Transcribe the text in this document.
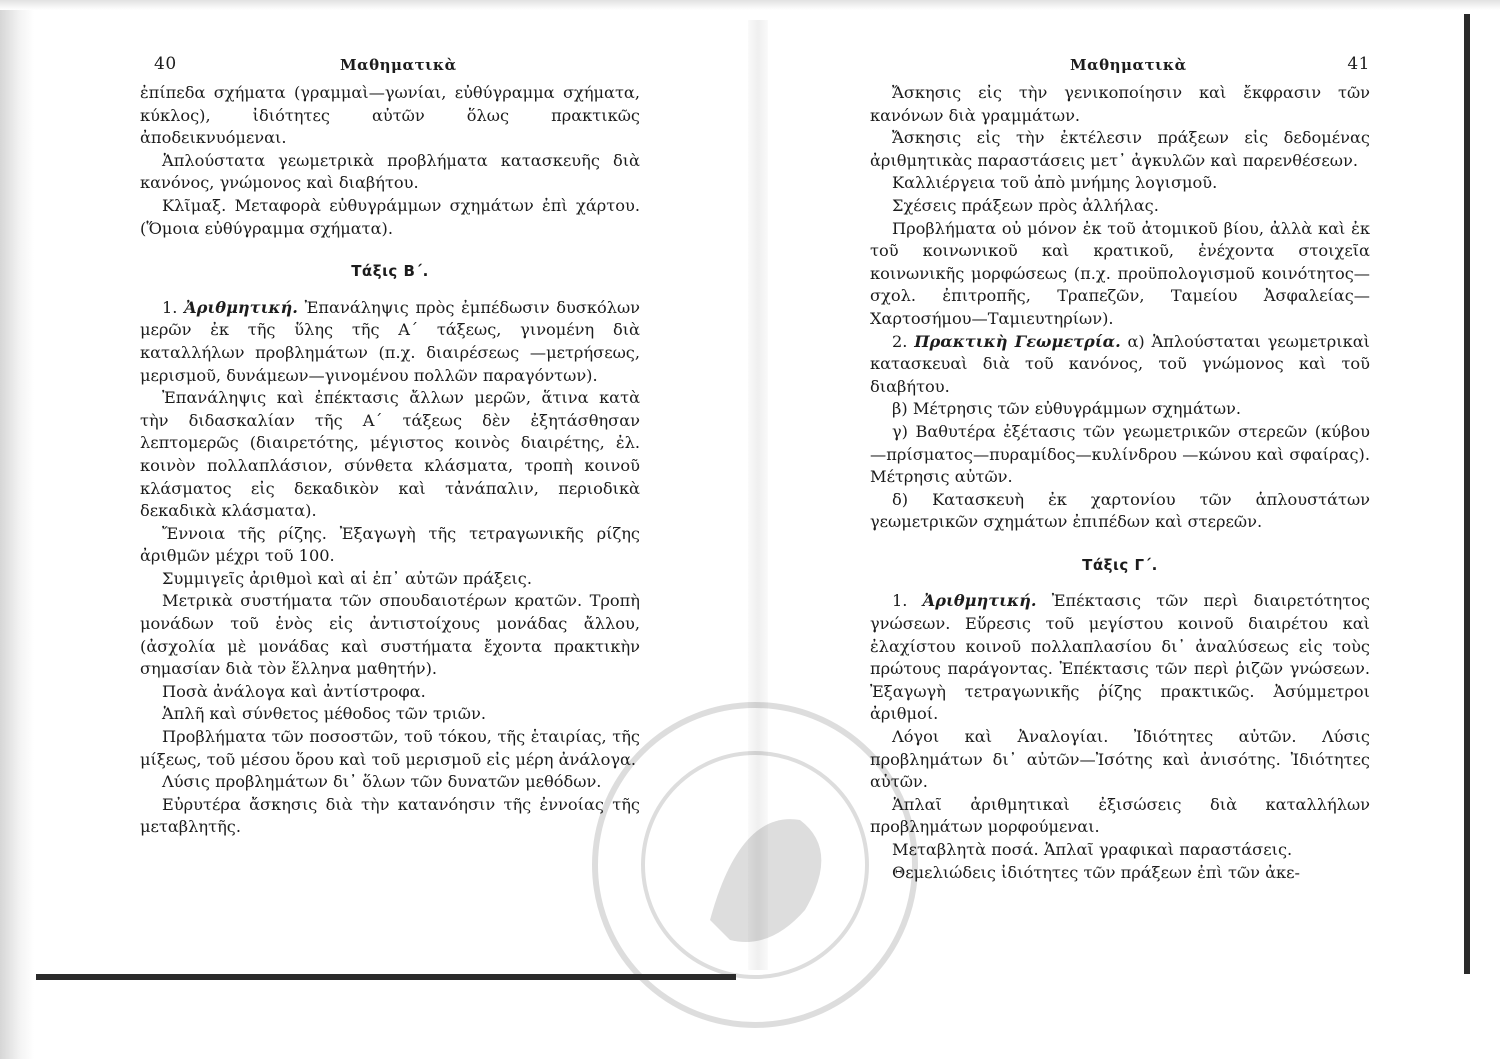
40	Μαθηματικὰ

ἐπίπεδα σχήματα (γραμμαὶ—γωνίαι, εὐθύγραμμα σχήματα, κύκλος), ἰδιότητες αὐτῶν ὅλως πρακτικῶς ἀποδεικνυόμεναι.

Ἁπλούστατα γεωμετρικὰ προβλήματα κατασκευῆς διὰ κανόνος, γνώμονος καὶ διαβήτου.

Κλῖμαξ. Μεταφορὰ εὐθυγράμμων σχημάτων ἐπὶ χάρτου. (Ὅμοια εὐθύγραμμα σχήματα).

Τάξις Β΄.

1. Ἀριθμητική. Ἐπανάληψις πρὸς ἐμπέδωσιν δυσκόλων μερῶν ἐκ τῆς ὕλης τῆς Α΄ τάξεως, γινομένη διὰ καταλλήλων προβλημάτων (π.χ. διαιρέσεως —μετρήσεως, μερισμοῦ, δυνάμεων—γινομένου πολλῶν παραγόντων).

Ἐπανάληψις καὶ ἐπέκτασις ἄλλων μερῶν, ἅτινα κατὰ τὴν διδασκαλίαν τῆς Α΄ τάξεως δὲν ἐξητάσθησαν λεπτομερῶς (διαιρετότης, μέγιστος κοινὸς διαιρέτης, ἐλ. κοινὸν πολλαπλάσιον, σύνθετα κλάσματα, τροπὴ κοινοῦ κλάσματος εἰς δεκαδικὸν καὶ τἀνάπαλιν, περιοδικὰ δεκαδικὰ κλάσματα).

Ἔννοια τῆς ρίζης. Ἐξαγωγὴ τῆς τετραγωνικῆς ρίζης ἀριθμῶν μέχρι τοῦ 100.

Συμμιγεῖς ἀριθμοὶ καὶ αἱ ἐπ᾽ αὐτῶν πράξεις.

Μετρικὰ συστήματα τῶν σπουδαιοτέρων κρατῶν. Τροπὴ μονάδων τοῦ ἑνὸς εἰς ἀντιστοίχους μονάδας ἄλλου, (ἀσχολία μὲ μονάδας καὶ συστήματα ἔχοντα πρακτικὴν σημασίαν διὰ τὸν ἕλληνα μαθητήν).

Ποσὰ ἀνάλογα καὶ ἀντίστροφα.

Ἁπλῆ καὶ σύνθετος μέθοδος τῶν τριῶν.

Προβλήματα τῶν ποσοστῶν, τοῦ τόκου, τῆς ἑταιρίας, τῆς μίξεως, τοῦ μέσου ὅρου καὶ τοῦ μερισμοῦ εἰς μέρη ἀνάλογα.

Λύσις προβλημάτων δι᾽ ὅλων τῶν δυνατῶν μεθόδων.

Εὐρυτέρα ἄσκησις διὰ τὴν κατανόησιν τῆς ἐννοίας τῆς μεταβλητῆς.

Μαθηματικὰ	41

Ἄσκησις εἰς τὴν γενικοποίησιν καὶ ἔκφρασιν τῶν κανόνων διὰ γραμμάτων.

Ἄσκησις εἰς τὴν ἐκτέλεσιν πράξεων εἰς δεδομένας ἀριθμητικὰς παραστάσεις μετ᾽ ἀγκυλῶν καὶ παρενθέσεων.

Καλλιέργεια τοῦ ἀπὸ μνήμης λογισμοῦ.

Σχέσεις πράξεων πρὸς ἀλλήλας.

Προβλήματα οὐ μόνον ἐκ τοῦ ἀτομικοῦ βίου, ἀλλὰ καὶ ἐκ τοῦ κοινωνικοῦ καὶ κρατικοῦ, ἐνέχοντα στοιχεῖα κοινωνικῆς μορφώσεως (π.χ. προϋπολογισμοῦ κοινότητος—σχολ. ἐπιτροπῆς, Τραπεζῶν, Ταμείου Ἀσφαλείας—Χαρτοσήμου—Ταμιευτηρίων).

2. Πρακτικὴ Γεωμετρία. α) Ἁπλούσταται γεωμετρικαὶ κατασκευαὶ διὰ τοῦ κανόνος, τοῦ γνώμονος καὶ τοῦ διαβήτου.

β) Μέτρησις τῶν εὐθυγράμμων σχημάτων.

γ) Βαθυτέρα ἐξέτασις τῶν γεωμετρικῶν στερεῶν (κύβου—πρίσματος—πυραμίδος—κυλίνδρου —κώνου καὶ σφαίρας). Μέτρησις αὐτῶν.

δ) Κατασκευὴ ἐκ χαρτονίου τῶν ἁπλουστάτων γεωμετρικῶν σχημάτων ἐπιπέδων καὶ στερεῶν.

Τάξις Γ΄.

1. Ἀριθμητική. Ἐπέκτασις τῶν περὶ διαιρετότητος γνώσεων. Εὕρεσις τοῦ μεγίστου κοινοῦ διαιρέτου καὶ ἐλαχίστου κοινοῦ πολλαπλασίου δι᾽ ἀναλύσεως εἰς τοὺς πρώτους παράγοντας. Ἐπέκτασις τῶν περὶ ῥιζῶν γνώσεων. Ἐξαγωγὴ τετραγωνικῆς ῥίζης πρακτικῶς. Ἀσύμμετροι ἀριθμοί.

Λόγοι καὶ Ἀναλογίαι. Ἰδιότητες αὐτῶν. Λύσις προβλημάτων δι᾽ αὐτῶν—Ἰσότης καὶ ἀνισότης. Ἰδιότητες αὐτῶν.

Ἁπλαῖ ἀριθμητικαὶ ἐξισώσεις διὰ καταλλήλων προβλημάτων μορφούμεναι.

Μεταβλητὰ ποσά. Ἁπλαῖ γραφικαὶ παραστάσεις.

Θεμελιώδεις ἰδιότητες τῶν πράξεων ἐπὶ τῶν ἀκε-
